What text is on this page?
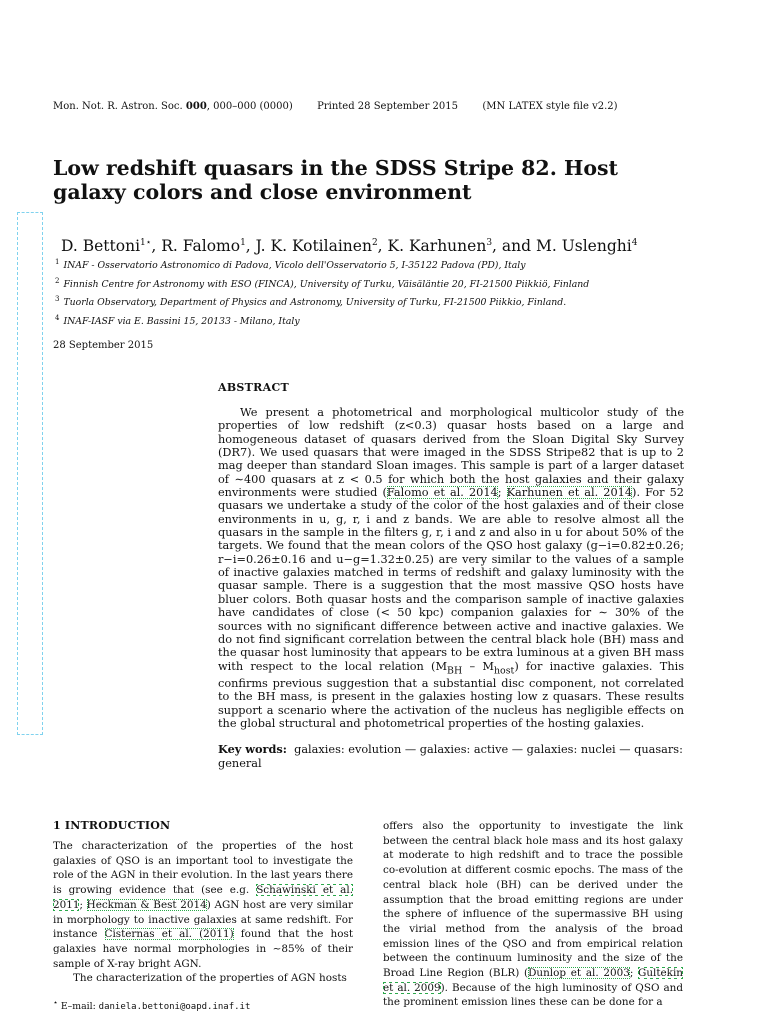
Mon. Not. R. Astron. Soc. 000, 000–000 (0000) Printed 28 September 2015 (MN LATEX style file v2.2)
Low redshift quasars in the SDSS Stripe 82. Host galaxy colors and close environment
D. Bettoni$^{1⋆}$, R. Falomo$^1$, J. K. Kotilainen$^2$, K. Karhunen$^3$, and M. Uslenghi$^4$
$^1$ INAF - Osservatorio Astronomico di Padova, Vicolo dell'Osservatorio 5, I-35122 Padova (PD), Italy
$^2$ Finnish Centre for Astronomy with ESO (FINCA), University of Turku, Väisäläntie 20, FI-21500 Piikkiö, Finland
$^3$ Tuorla Observatory, Department of Physics and Astronomy, University of Turku, FI-21500 Piikkio, Finland.
$^4$ INAF-IASF via E. Bassini 15, 20133 - Milano, Italy
28 September 2015
ABSTRACT

We present a photometrical and morphological multicolor study of the properties of low redshift (z<0.3) quasar hosts based on a large and homogeneous dataset of quasars derived from the Sloan Digital Sky Survey (DR7). We used quasars that were imaged in the SDSS Stripe82 that is up to 2 mag deeper than standard Sloan images. This sample is part of a larger dataset of ∼400 quasars at z < 0.5 for which both the host galaxies and their galaxy environments were studied (Falomo et al. 2014; Karhunen et al. 2014). For 52 quasars we undertake a study of the color of the host galaxies and of their close environments in u, g, r, i and z bands. We are able to resolve almost all the quasars in the sample in the filters g, r, i and z and also in u for about 50% of the targets. We found that the mean colors of the QSO host galaxy (g−i=0.82±0.26; r−i=0.26±0.16 and u−g=1.32±0.25) are very similar to the values of a sample of inactive galaxies matched in terms of redshift and galaxy luminosity with the quasar sample. There is a suggestion that the most massive QSO hosts have bluer colors. Both quasar hosts and the comparison sample of inactive galaxies have candidates of close (< 50 kpc) companion galaxies for ∼ 30% of the sources with no significant difference between active and inactive galaxies. We do not find significant correlation between the central black hole (BH) mass and the quasar host luminosity that appears to be extra luminous at a given BH mass with respect to the local relation $(M_{BH} - M_{host})$ for inactive galaxies. This confirms previous suggestion that a substantial disc component, not correlated to the BH mass, is present in the galaxies hosting low z quasars. These results support a scenario where the activation of the nucleus has negligible effects on the global structural and photometrical properties of the hosting galaxies.

Key words: galaxies: evolution — galaxies: active — galaxies: nuclei — quasars: general

1 INTRODUCTION

The characterization of the properties of the host galaxies of QSO is an important tool to investigate the role of the AGN in their evolution. In the last years there is growing evidence that (see e.g. Schawinski et al. 2011; Heckman & Best 2014) AGN host are very similar in morphology to inactive galaxies at same redshift. For instance Cisternas et al. (2011) found that the host galaxies have normal morphologies in ∼85% of their sample of X-ray bright AGN.
The characterization of the properties of AGN hosts

offers also the opportunity to investigate the link between the central black hole mass and its host galaxy at moderate to high redshift and to trace the possible co-evolution at different cosmic epochs. The mass of the central black hole (BH) can be derived under the assumption that the broad emitting regions are under the sphere of influence of the supermassive BH using the virial method from the analysis of the broad emission lines of the QSO and from empirical relation between the continuum luminosity and the size of the Broad Line Region (BLR) (Dunlop et al. 2003; Gultekin et al. 2009). Because of the high luminosity of QSO and the prominent emission lines these can be done for a

⋆ E–mail: daniela.bettoni@oapd.inaf.it
